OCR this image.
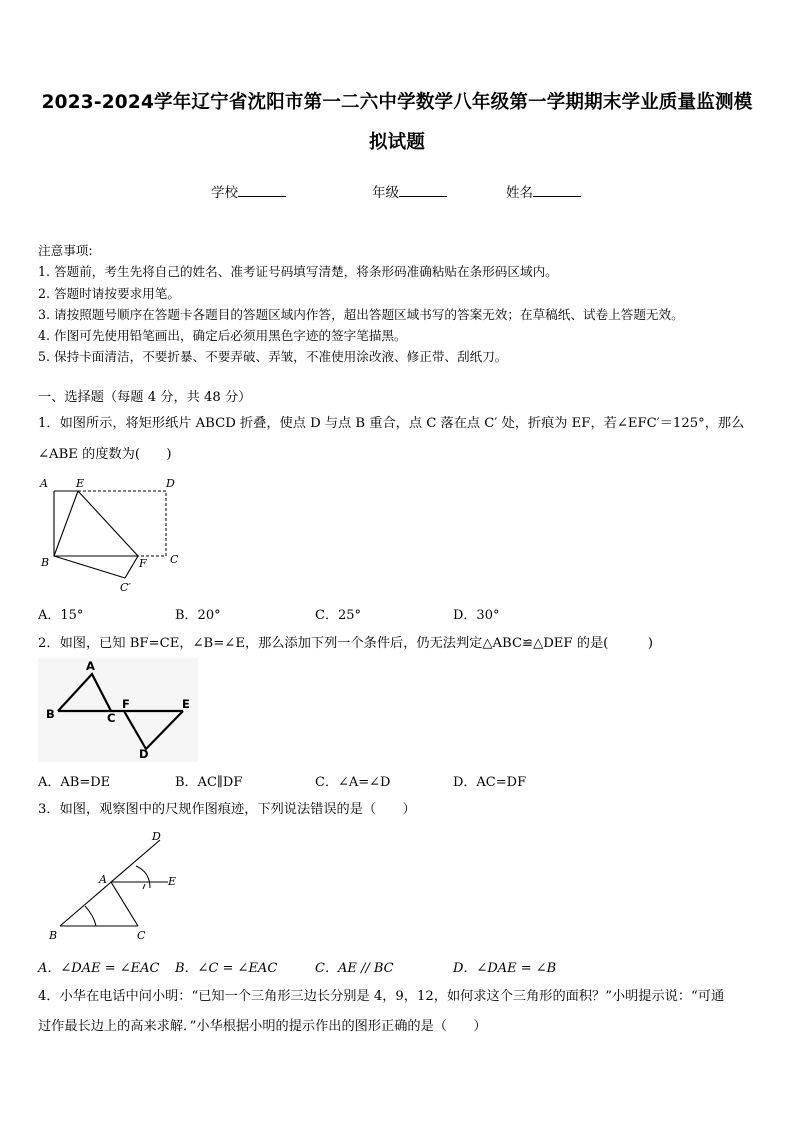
2023-2024学年辽宁省沈阳市第一二六中学数学八年级第一学期期末学业质量监测模
拟试题
学校	年级	姓名
注意事项:
1. 答题前，考生先将自己的姓名、准考证号码填写清楚，将条形码准确粘贴在条形码区域内。
2. 答题时请按要求用笔。
3. 请按照题号顺序在答题卡各题目的答题区域内作答，超出答题区域书写的答案无效；在草稿纸、试卷上答题无效。
4. 作图可先使用铅笔画出，确定后必须用黑色字迹的签字笔描黑。
5. 保持卡面清洁，不要折暴、不要弄破、弄皱，不准使用涂改液、修正带、刮纸刀。
一、选择题（每题 4 分，共 48 分）
1．如图所示，将矩形纸片 ABCD 折叠，使点 D 与点 B 重合，点 C 落在点 C′ 处，折痕为 EF，若∠EFC′＝125°，那么
∠ABE 的度数为(　　)
A	E	D
B	F C
C′
A．15°	B．20°	C．25°	D．30°
2．如图，已知 BF=CE，∠B=∠E，那么添加下列一个条件后，仍无法判定△ABC≌△DEF 的是(　　　)
A
B	C
F	E
D
A．AB=DE	B．AC∥DF	C．∠A=∠D	D．AC=DF
3．如图，观察图中的尺规作图痕迹，下列说法错误的是（　　）
D
A	E
B	C
A．∠DAE = ∠EAC B．∠C = ∠EAC	C．AE // BC	D．∠DAE = ∠B
4．小华在电话中问小明：“已知一个三角形三边长分别是 4，9，12，如何求这个三角形的面积？”小明提示说：“可通
过作最长边上的高来求解．”小华根据小明的提示作出的图形正确的是（　　）
